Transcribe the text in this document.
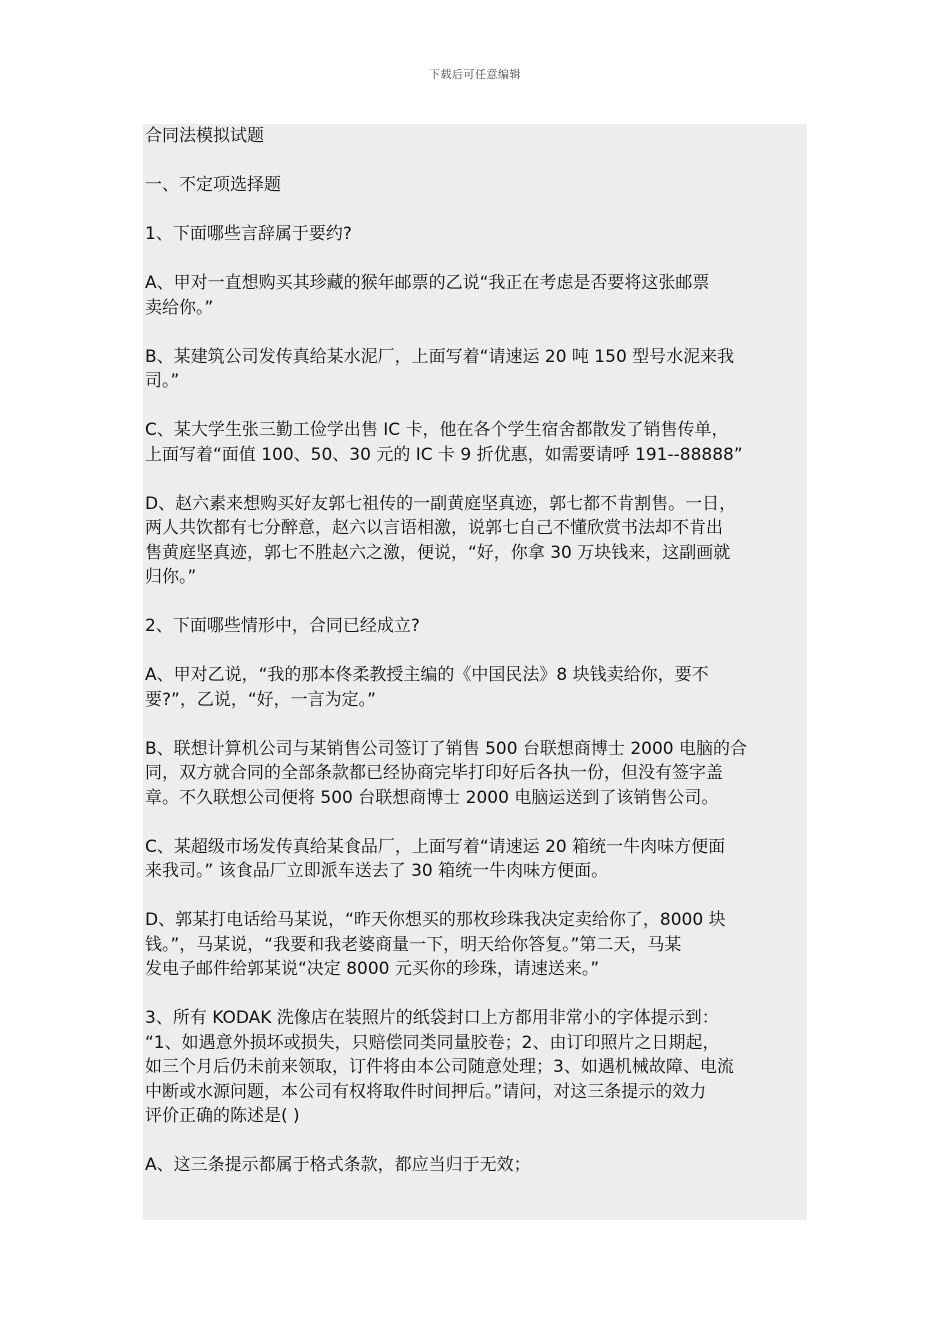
下载后可任意编辑

合同法模拟试题

一、不定项选择题

1、下面哪些言辞属于要约?

A、甲对一直想购买其珍藏的猴年邮票的乙说“我正在考虑是否要将这张邮票

卖给你。”

B、某建筑公司发传真给某水泥厂，上面写着“请速运 20 吨 150 型号水泥来我

司。”

C、某大学生张三勤工俭学出售 IC 卡，他在各个学生宿舍都散发了销售传单，

上面写着“面值 100、50、30 元的 IC 卡 9 折优惠，如需要请呼 191--88888”

D、赵六素来想购买好友郭七祖传的一副黄庭坚真迹，郭七都不肯割售。一日，

两人共饮都有七分醉意，赵六以言语相激，说郭七自己不懂欣赏书法却不肯出

售黄庭坚真迹，郭七不胜赵六之激，便说，“好，你拿 30 万块钱来，这副画就

归你。”

2、下面哪些情形中，合同已经成立?

A、甲对乙说，“我的那本佟柔教授主编的《中国民法》8 块钱卖给你，要不

要?”，乙说，“好，一言为定。”

B、联想计算机公司与某销售公司签订了销售 500 台联想商博士 2000 电脑的合

同，双方就合同的全部条款都已经协商完毕打印好后各执一份，但没有签字盖

章。不久联想公司便将 500 台联想商博士 2000 电脑运送到了该销售公司。

C、某超级市场发传真给某食品厂，上面写着“请速运 20 箱统一牛肉味方便面

来我司。” 该食品厂立即派车送去了 30 箱统一牛肉味方便面。

D、郭某打电话给马某说，“昨天你想买的那枚珍珠我决定卖给你了，8000 块

钱。”，马某说，“我要和我老婆商量一下，明天给你答复。”第二天，马某

发电子邮件给郭某说“决定 8000 元买你的珍珠，请速送来。”

3、所有 KODAK 洗像店在装照片的纸袋封口上方都用非常小的字体提示到：

“1、如遇意外损坏或损失，只赔偿同类同量胶卷；2、由订印照片之日期起，

如三个月后仍未前来领取，订件将由本公司随意处理；3、如遇机械故障、电流

中断或水源问题，本公司有权将取件时间押后。”请问，对这三条提示的效力

评价正确的陈述是( )

A、这三条提示都属于格式条款，都应当归于无效；
